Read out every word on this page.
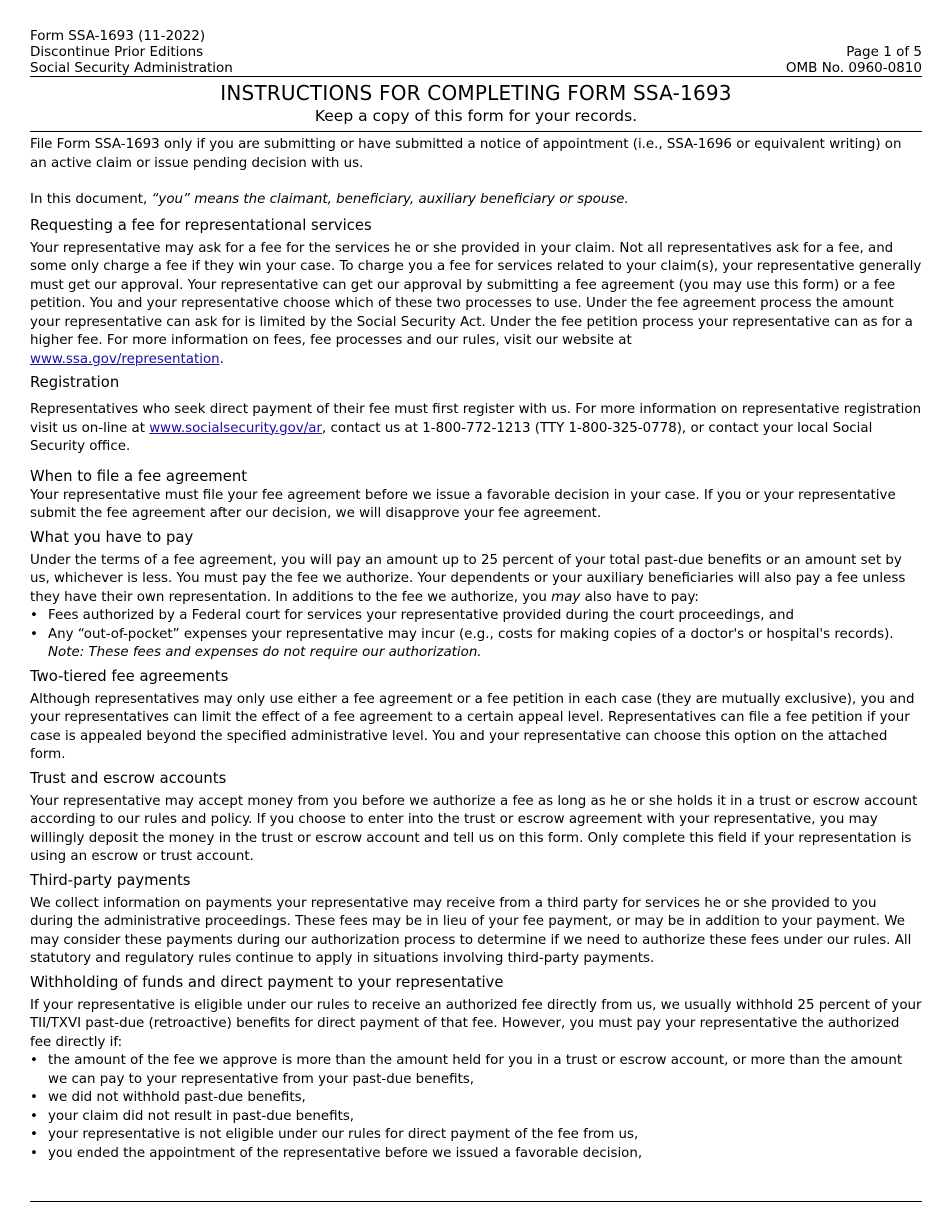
Form SSA-1693 (11-2022)
Discontinue Prior Editions
Social Security Administration
Page 1 of 5
OMB No. 0960-0810
INSTRUCTIONS FOR COMPLETING FORM SSA-1693
Keep a copy of this form for your records.

File Form SSA-1693 only if you are submitting or have submitted a notice of appointment (i.e., SSA-1696 or equivalent writing) on an active claim or issue pending decision with us.

In this document, “you” means the claimant, beneficiary, auxiliary beneficiary or spouse.

Requesting a fee for representational services

Your representative may ask for a fee for the services he or she provided in your claim. Not all representatives ask for a fee, and some only charge a fee if they win your case. To charge you a fee for services related to your claim(s), your representative generally must get our approval. Your representative can get our approval by submitting a fee agreement (you may use this form) or a fee petition. You and your representative choose which of these two processes to use. Under the fee agreement process the amount your representative can ask for is limited by the Social Security Act. Under the fee petition process your representative can as for a higher fee. For more information on fees, fee processes and our rules, visit our website at
www.ssa.gov/representation.

Registration

Representatives who seek direct payment of their fee must first register with us. For more information on representative registration visit us on-line at www.socialsecurity.gov/ar, contact us at 1-800-772-1213 (TTY 1-800-325-0778), or contact your local Social Security office.

When to file a fee agreement

Your representative must file your fee agreement before we issue a favorable decision in your case. If you or your representative submit the fee agreement after our decision, we will disapprove your fee agreement.

What you have to pay

Under the terms of a fee agreement, you will pay an amount up to 25 percent of your total past-due benefits or an amount set by us, whichever is less. You must pay the fee we authorize. Your dependents or your auxiliary beneficiaries will also pay a fee unless they have their own representation. In additions to the fee we authorize, you may also have to pay:

• Fees authorized by a Federal court for services your representative provided during the court proceedings, and
• Any “out-of-pocket” expenses your representative may incur (e.g., costs for making copies of a doctor's or hospital's records).

Note: These fees and expenses do not require our authorization.

Two-tiered fee agreements

Although representatives may only use either a fee agreement or a fee petition in each case (they are mutually exclusive), you and your representatives can limit the effect of a fee agreement to a certain appeal level. Representatives can file a fee petition if your case is appealed beyond the specified administrative level. You and your representative can choose this option on the attached form.

Trust and escrow accounts

Your representative may accept money from you before we authorize a fee as long as he or she holds it in a trust or escrow account according to our rules and policy. If you choose to enter into the trust or escrow agreement with your representative, you may willingly deposit the money in the trust or escrow account and tell us on this form. Only complete this field if your representation is using an escrow or trust account.

Third-party payments

We collect information on payments your representative may receive from a third party for services he or she provided to you during the administrative proceedings. These fees may be in lieu of your fee payment, or may be in addition to your payment. We may consider these payments during our authorization process to determine if we need to authorize these fees under our rules. All statutory and regulatory rules continue to apply in situations involving third-party payments.

Withholding of funds and direct payment to your representative

If your representative is eligible under our rules to receive an authorized fee directly from us, we usually withhold 25 percent of your TII/TXVI past-due (retroactive) benefits for direct payment of that fee. However, you must pay your representative the authorized fee directly if:

• the amount of the fee we approve is more than the amount held for you in a trust or escrow account, or more than the amount we can pay to your representative from your past-due benefits,
• we did not withhold past-due benefits,
• your claim did not result in past-due benefits,
• your representative is not eligible under our rules for direct payment of the fee from us,
• you ended the appointment of the representative before we issued a favorable decision,
